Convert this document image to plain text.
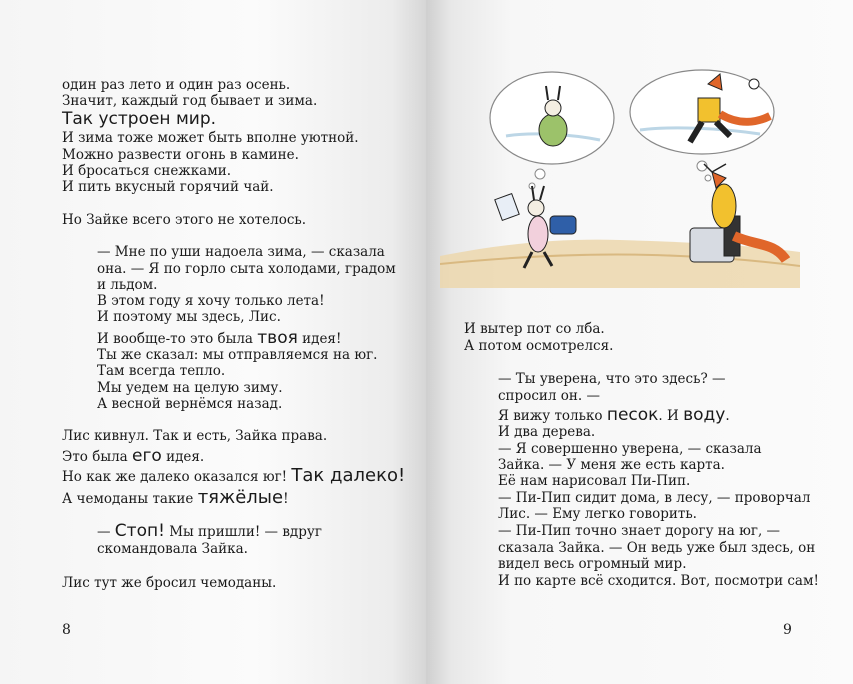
один раз лето и один раз осень.
Значит, каждый год бывает и зима.
Так устроен мир.
И зима тоже может быть вполне уютной.
Можно развести огонь в камине.
И бросаться снежками.
И пить вкусный горячий чай.
Но Зайке всего этого не хотелось.
— Мне по уши надоела зима, — сказала
она. — Я по горло сыта холодами, градом
и льдом.
В этом году я хочу только лета!
И поэтому мы здесь, Лис.
И вообще-то это была твоя идея!
Ты же сказал: мы отправляемся на юг.
Там всегда тепло.
Мы уедем на целую зиму.
А весной вернёмся назад.
Лис кивнул. Так и есть, Зайка права.
Это была его идея.
Но как же далеко оказался юг! Так далеко!
А чемоданы такие тяжёлые!
— Стоп! Мы пришли! — вдруг
скомандовала Зайка.
Лис тут же бросил чемоданы.
8
И вытер пот со лба.
А потом осмотрелся.
— Ты уверена, что это здесь? —
спросил он. —
Я вижу только песок. И воду.
И два дерева.
— Я совершенно уверена, — сказала
Зайка. — У меня же есть карта.
Её нам нарисовал Пи-Пип.
— Пи-Пип сидит дома, в лесу, — проворчал
Лис. — Ему легко говорить.
— Пи-Пип точно знает дорогу на юг, —
сказала Зайка. — Он ведь уже был здесь, он
видел весь огромный мир.
И по карте всё сходится. Вот, посмотри сам!
9
